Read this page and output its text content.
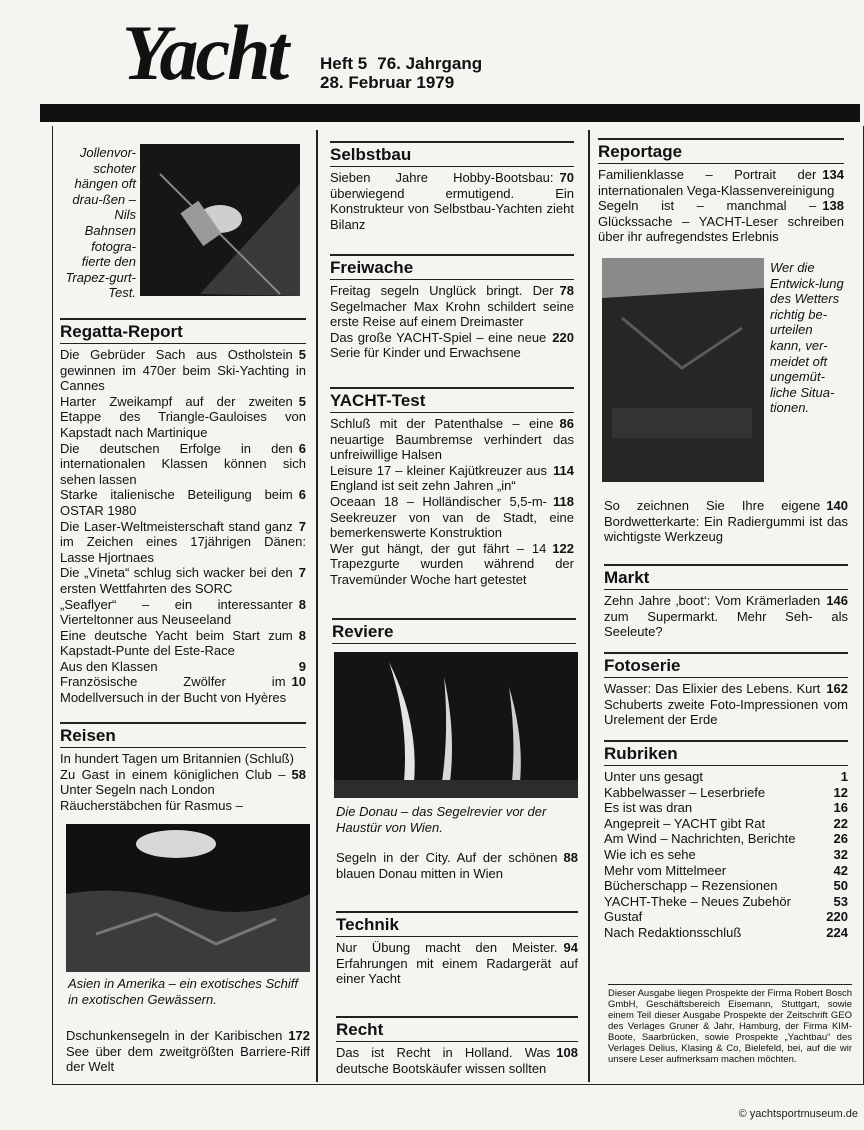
Yacht Heft 5 76. Jahrgang
28. Februar 1979
Jollenvor-schoter hängen oft drau-ßen – Nils Bahnsen fotogra-fierte den Trapez-gurt-Test.
Regatta-Report

5
Die Gebrüder Sach aus Ostholstein gewinnen im 470er beim Ski-Yachting in Cannes

5
Harter Zweikampf auf der zweiten Etappe des Triangle-Gauloises von Kapstadt nach Martinique

6
Die deutschen Erfolge in den internationalen Klassen können sich sehen lassen

6
Starke italienische Beteiligung beim OSTAR 1980

7
Die Laser-Weltmeisterschaft stand ganz im Zeichen eines 17jährigen Dänen: Lasse Hjortnaes

7
Die „Vineta“ schlug sich wacker bei den ersten Wettfahrten des SORC

8
„Seaflyer“ – ein interessanter Vierteltonner aus Neuseeland

8
Eine deutsche Yacht beim Start zum Kapstadt-Punte del Este-Race

9
Aus den Klassen

10
Französische Zwölfer im Modellversuch in der Bucht von Hyères

Reisen

In hundert Tagen um Britannien (Schluß)

58
Zu Gast in einem königlichen Club – Unter Segeln nach London

Räucherstäbchen für Rasmus –

Asien in Amerika – ein exotisches Schiff in exotischen Gewässern.

172
Dschunkensegeln in der Karibischen See über dem zweitgrößten Barriere-Riff der Welt

Selbstbau

70
Sieben Jahre Hobby-Bootsbau: überwiegend ermutigend. Ein Konstrukteur von Selbstbau-Yachten zieht Bilanz

Freiwache

78
Freitag segeln Unglück bringt. Der Segelmacher Max Krohn schildert seine erste Reise auf einem Dreimaster

220
Das große YACHT-Spiel – eine neue Serie für Kinder und Erwachsene

YACHT-Test

86
Schluß mit der Patenthalse – eine neuartige Baumbremse verhindert das unfreiwillige Halsen

114
Leisure 17 – kleiner Kajütkreuzer aus England ist seit zehn Jahren „in“

118
Oceaan 18 – Holländischer 5,5-m-Seekreuzer von van de Stadt, eine bemerkenswerte Konstruktion

122
Wer gut hängt, der gut fährt – 14 Trapezgurte wurden während der Travemünder Woche hart getestet

Reviere
Die Donau – das Segelrevier vor der Haustür von Wien.

88
Segeln in der City. Auf der schönen blauen Donau mitten in Wien

Technik

94
Nur Übung macht den Meister. Erfahrungen mit einem Radargerät auf einer Yacht

Recht

108
Das ist Recht in Holland. Was deutsche Bootskäufer wissen sollten

Reportage

134
Familienklasse – Portrait der internationalen Vega-Klassenvereinigung

138
Segeln ist – manchmal – Glückssache – YACHT-Leser schreiben über ihr aufregendstes Erlebnis

Wer die Entwick-lung des Wetters richtig be-urteilen kann, ver-meidet oft ungemüt-liche Situa-tionen.

140
So zeichnen Sie Ihre eigene Bordwetterkarte: Ein Radiergummi ist das wichtigste Werkzeug

Markt

146
Zehn Jahre ‚boot‘: Vom Krämerladen zum Supermarkt. Mehr Seh- als Seeleute?

Fotoserie

162
Wasser: Das Elixier des Lebens. Kurt Schuberts zweite Foto-Impressionen vom Urelement der Erde

Rubriken

1
Unter uns gesagt

12
Kabbelwasser – Leserbriefe

16
Es ist was dran

22
Angepreit – YACHT gibt Rat

26
Am Wind – Nachrichten, Berichte

32
Wie ich es sehe

42
Mehr vom Mittelmeer

50
Bücherschapp – Rezensionen

53
YACHT-Theke – Neues Zubehör

220
Gustaf

224
Nach Redaktionsschluß

Dieser Ausgabe liegen Prospekte der Firma Robert Bosch GmbH, Geschäftsbereich Eisemann, Stuttgart, sowie einem Teil dieser Ausgabe Prospekte der Zeitschrift GEO des Verlages Gruner & Jahr, Hamburg, der Firma KIM-Boote, Saarbrücken, sowie Prospekte „Yachtbau“ des Verlages Delius, Klasing & Co, Bielefeld, bei, auf die wir unsere Leser aufmerksam machen möchten.
© yachtsportmuseum.de
